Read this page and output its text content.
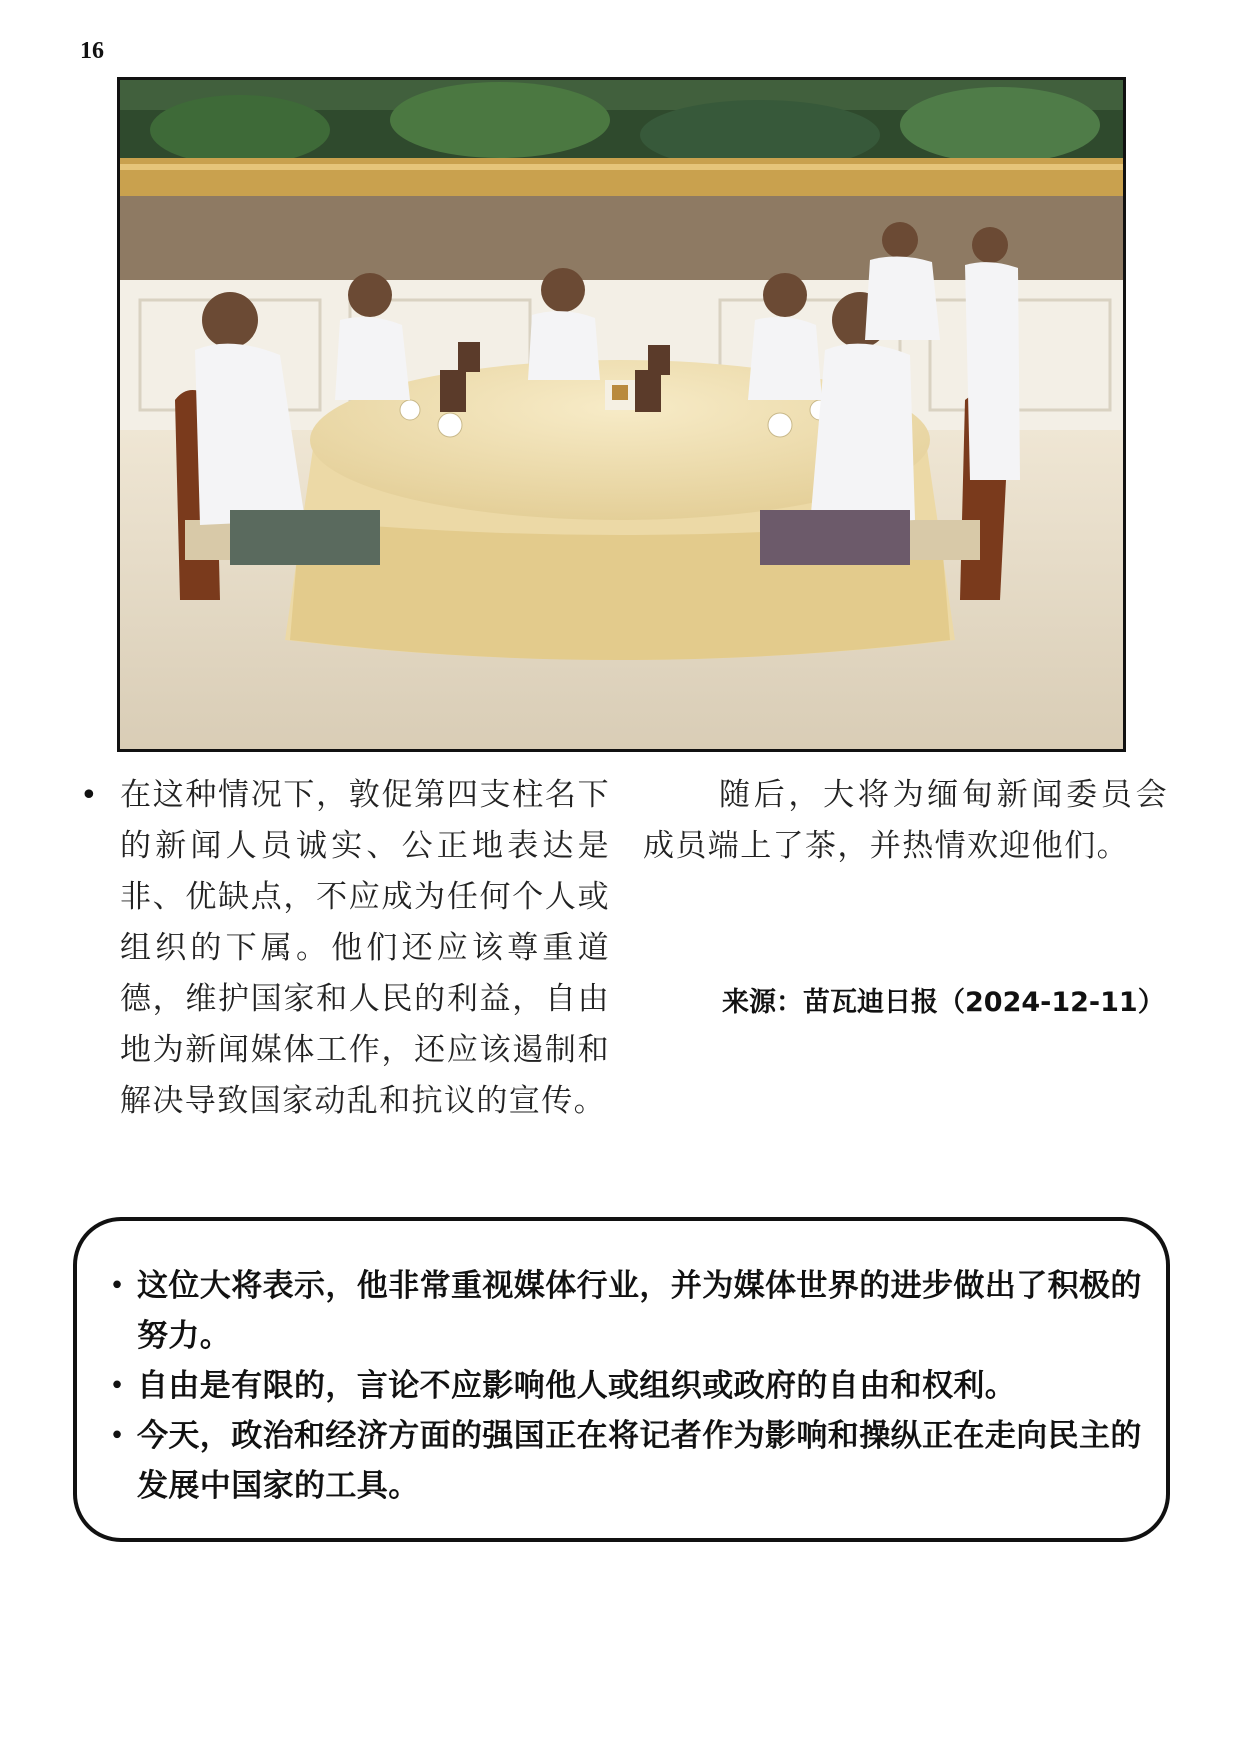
16
• 在这种情况下，敦促第四支柱名下的新闻人员诚实、公正地表达是非、优缺点，不应成为任何个人或组织的下属。他们还应该尊重道德，维护国家和人民的利益，自由地为新闻媒体工作，还应该遏制和解决导致国家动乱和抗议的宣传。
随后，大将为缅甸新闻委员会成员端上了茶，并热情欢迎他们。
来源：苗瓦迪日报（2024-12-11）
• 这位大将表示，他非常重视媒体行业，并为媒体世界的进步做出了积极的努力。
• 自由是有限的，言论不应影响他人或组织或政府的自由和权利。
• 今天，政治和经济方面的强国正在将记者作为影响和操纵正在走向民主的发展中国家的工具。
